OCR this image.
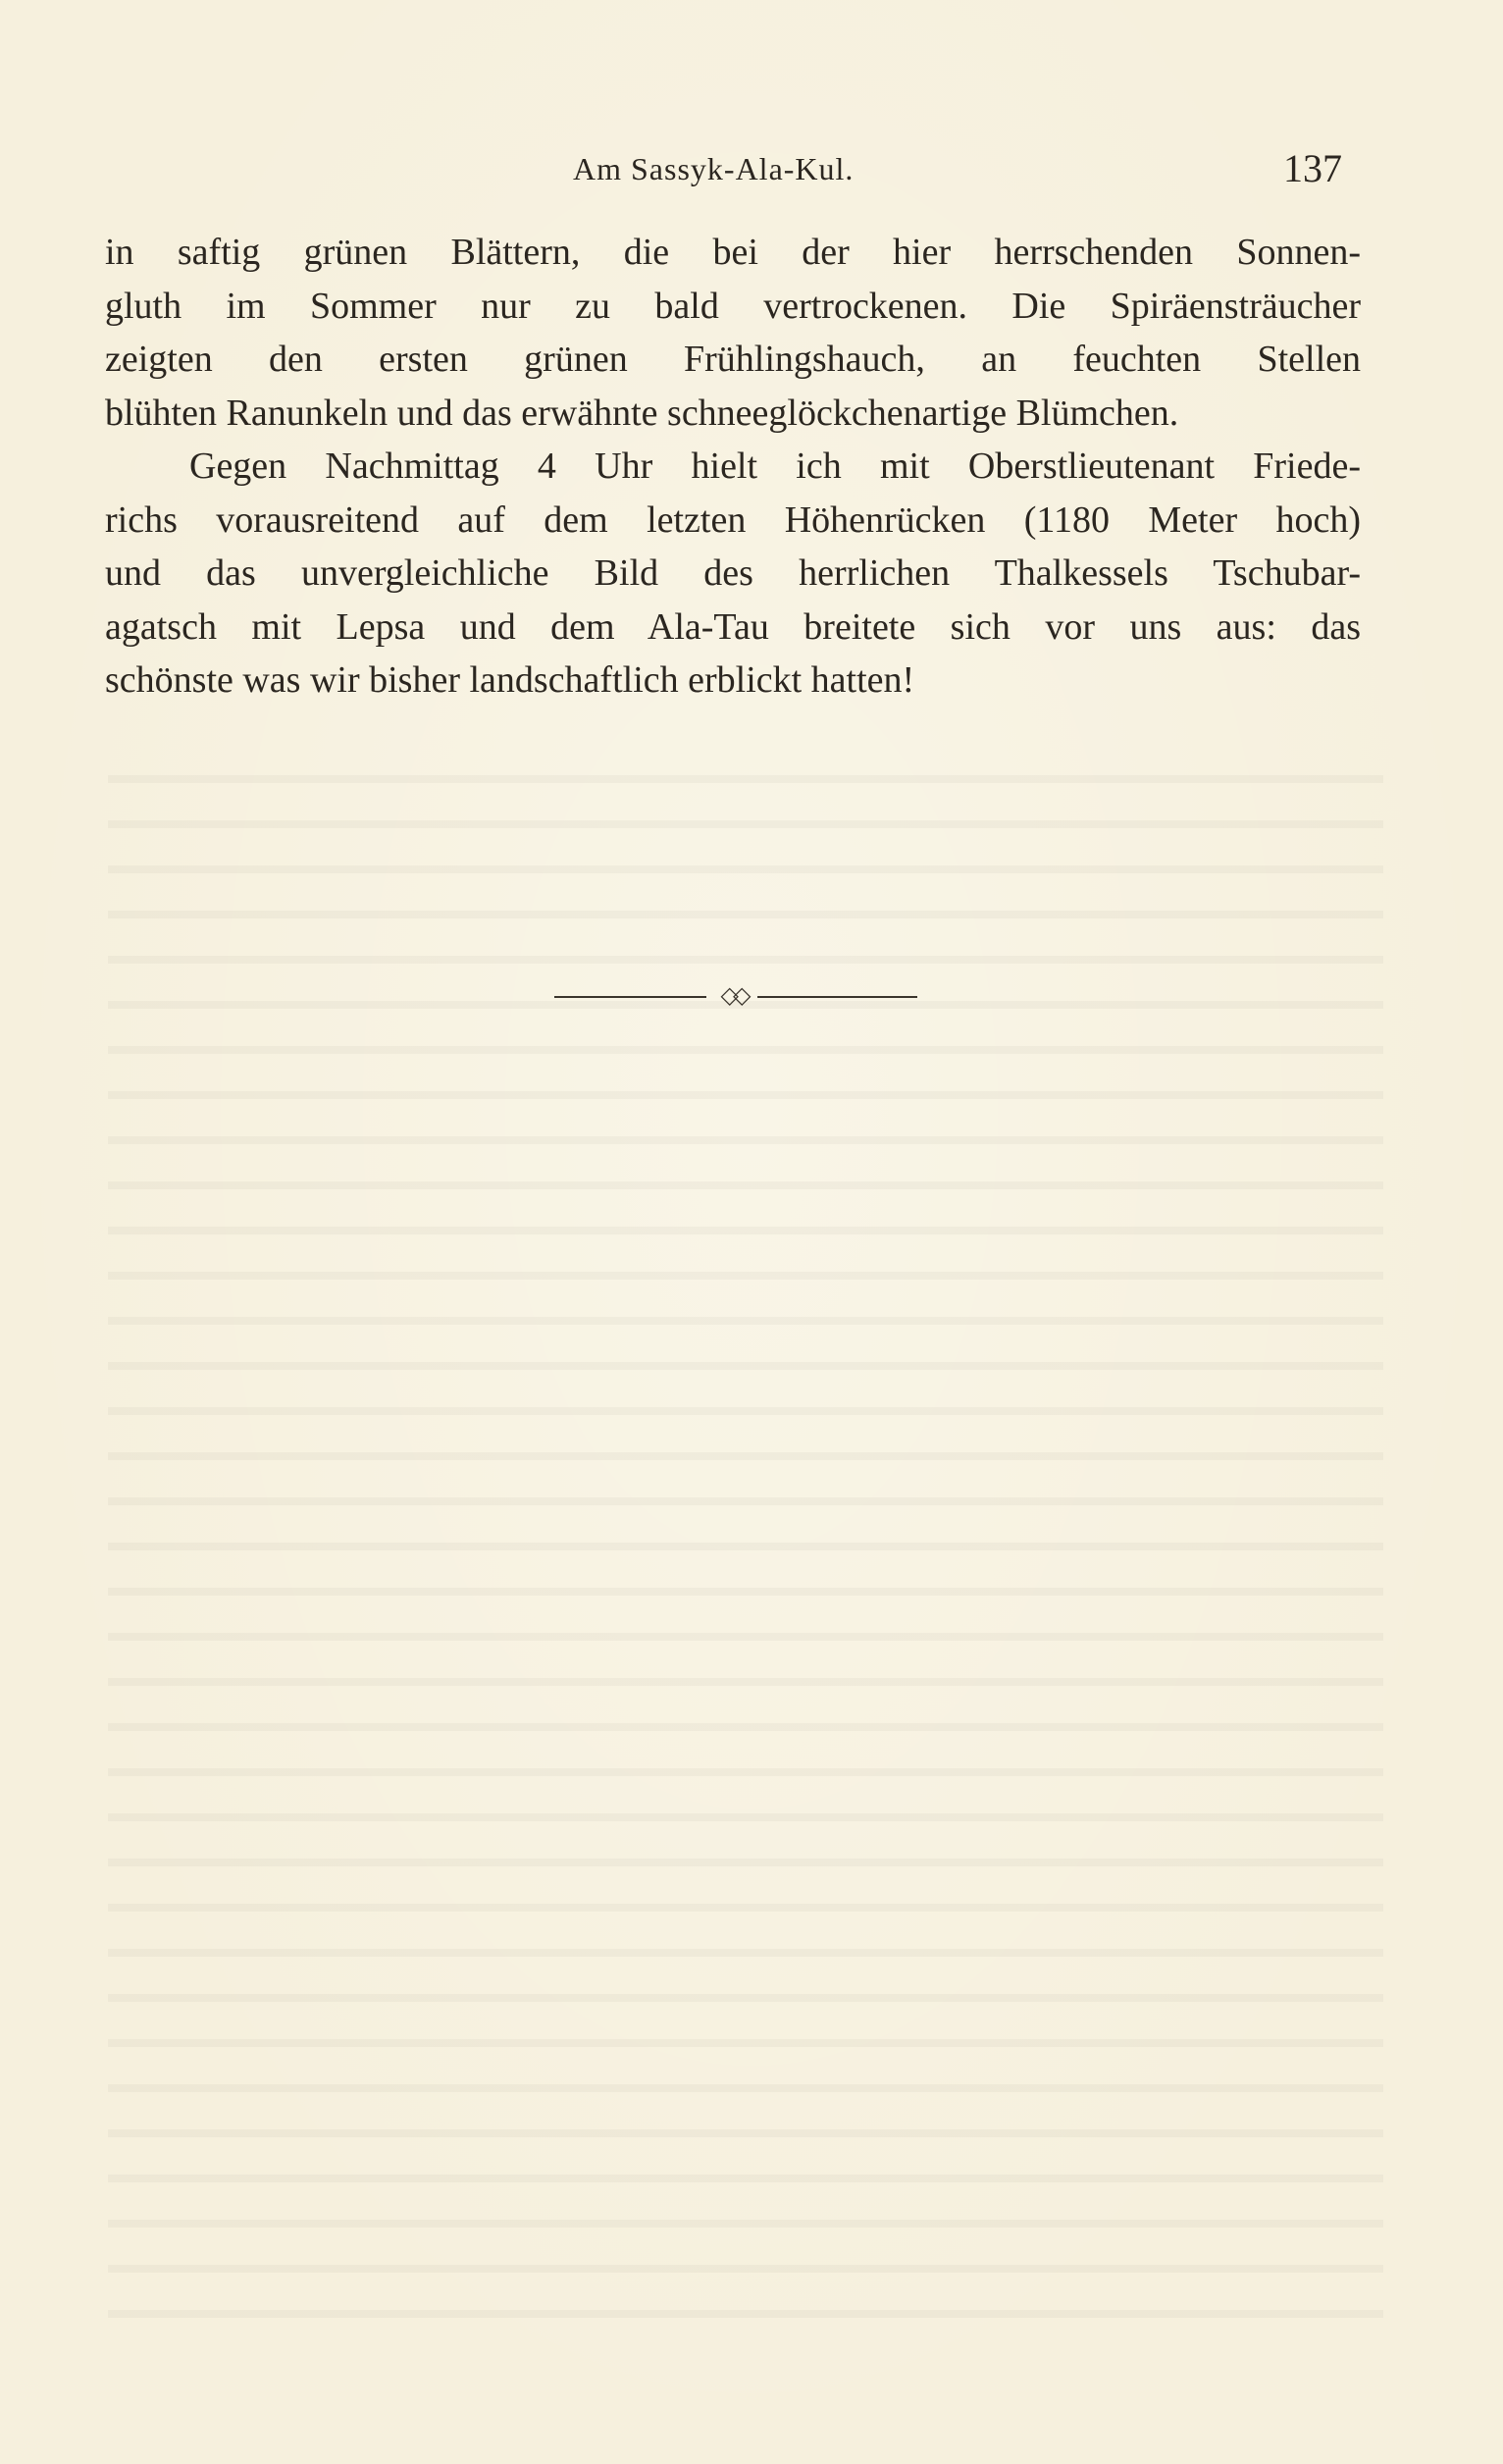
Am Sassyk-Ala-Kul.	137
in saftig grünen Blättern, die bei der hier herrschenden Sonnen-
gluth im Sommer nur zu bald vertrockenen. Die Spiräensträucher
zeigten den ersten grünen Frühlingshauch, an feuchten Stellen
blühten Ranunkeln und das erwähnte schneeglöckchenartige Blümchen.
Gegen Nachmittag 4 Uhr hielt ich mit Oberstlieutenant Friede-
richs vorausreitend auf dem letzten Höhenrücken (1180 Meter hoch)
und das unvergleichliche Bild des herrlichen Thalkessels Tschubar-
agatsch mit Lepsa und dem Ala-Tau breitete sich vor uns aus: das
schönste was wir bisher landschaftlich erblickt hatten!
◇◇
